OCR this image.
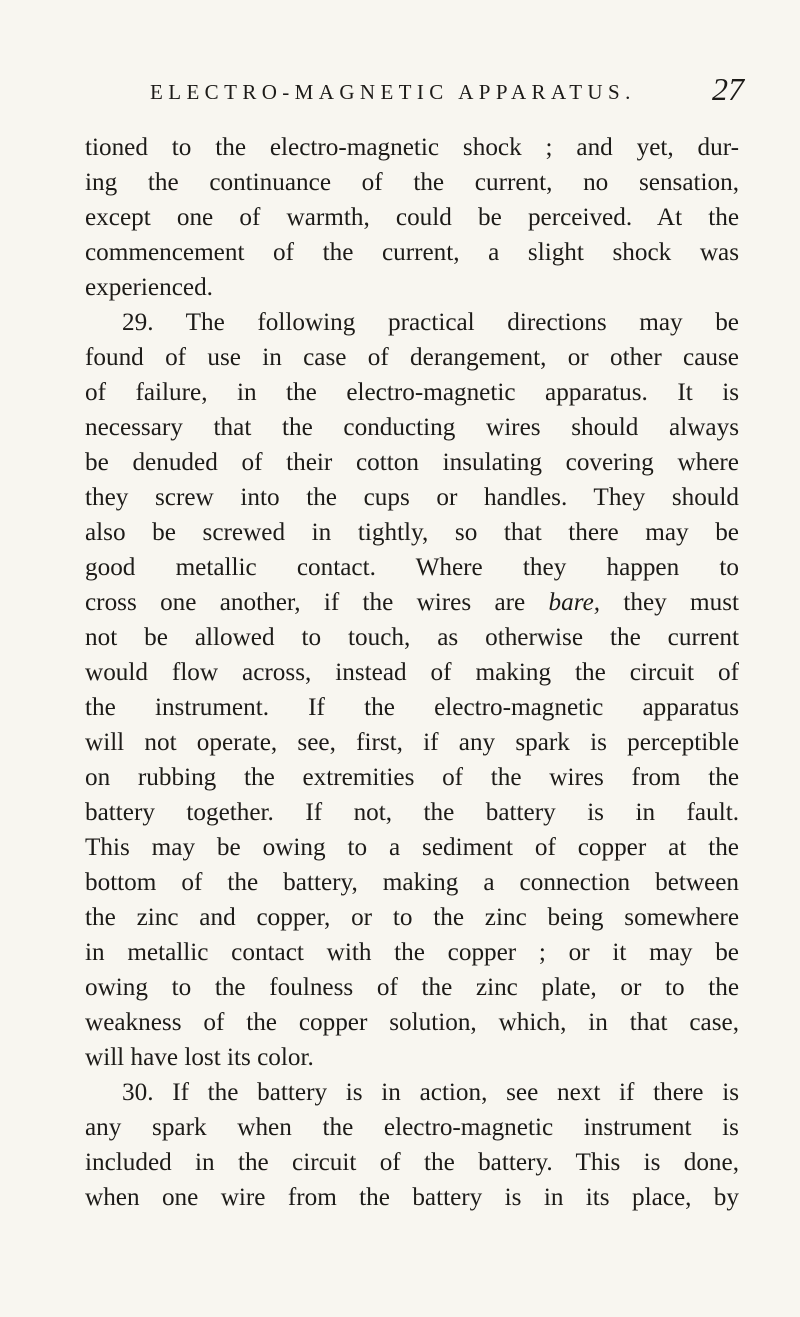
ELECTRO-MAGNETIC APPARATUS. 27
tioned to the electro-magnetic shock ; and yet, dur-
ing the continuance of the current, no sensation,
except one of warmth, could be perceived. At the
commencement of the current, a slight shock was
experienced.
29. The following practical directions may be
found of use in case of derangement, or other cause
of failure, in the electro-magnetic apparatus. It is
necessary that the conducting wires should always
be denuded of their cotton insulating covering where
they screw into the cups or handles. They should
also be screwed in tightly, so that there may be
good metallic contact. Where they happen to
cross one another, if the wires are bare, they must
not be allowed to touch, as otherwise the current
would flow across, instead of making the circuit of
the instrument. If the electro-magnetic apparatus
will not operate, see, first, if any spark is perceptible
on rubbing the extremities of the wires from the
battery together. If not, the battery is in fault.
This may be owing to a sediment of copper at the
bottom of the battery, making a connection between
the zinc and copper, or to the zinc being somewhere
in metallic contact with the copper ; or it may be
owing to the foulness of the zinc plate, or to the
weakness of the copper solution, which, in that case,
will have lost its color.
30. If the battery is in action, see next if there is
any spark when the electro-magnetic instrument is
included in the circuit of the battery. This is done,
when one wire from the battery is in its place, by
